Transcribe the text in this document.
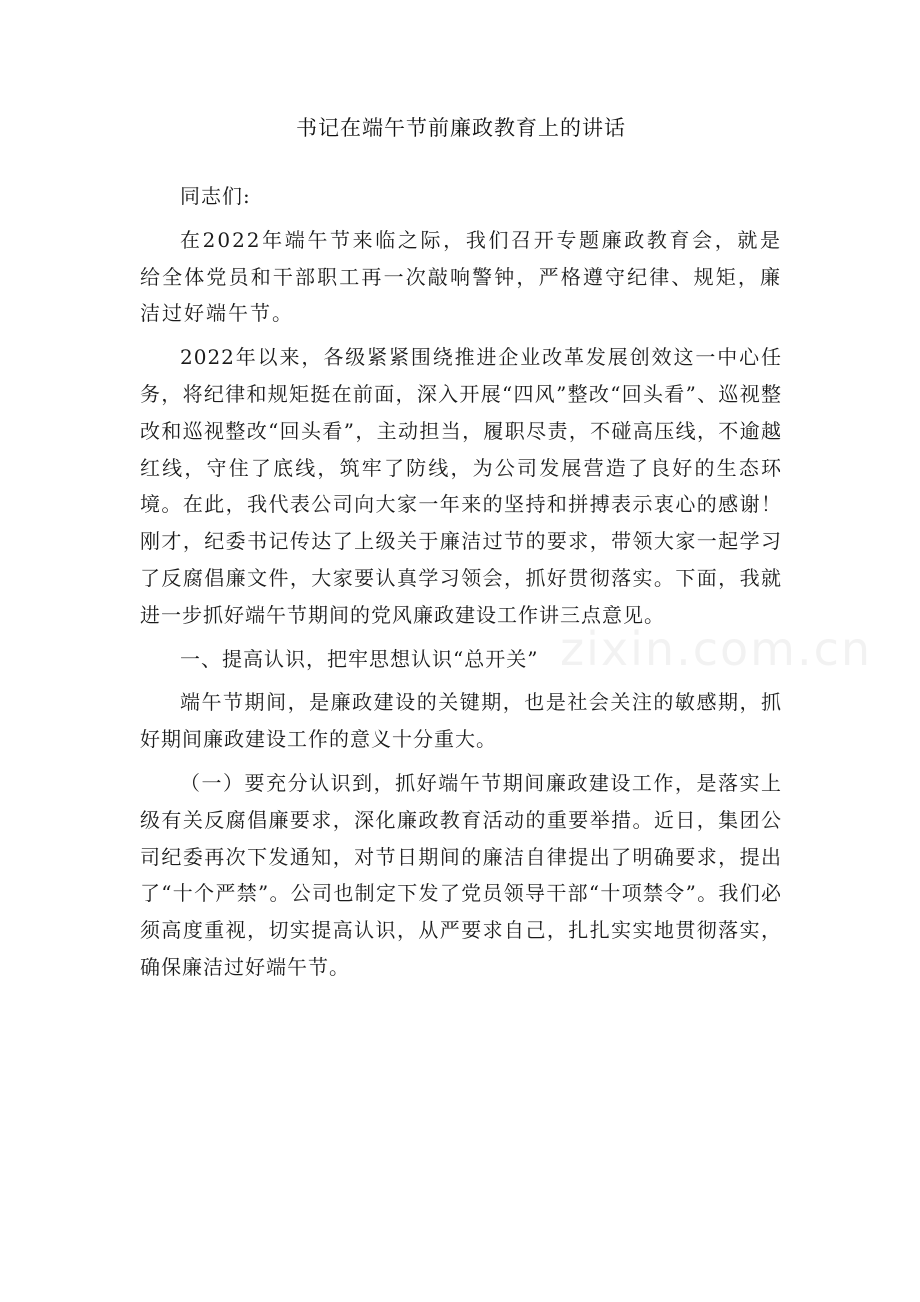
zixin.com.cn
书记在端午节前廉政教育上的讲话

同志们:

在2022年端午节来临之际，我们召开专题廉政教育会，就是给全体党员和干部职工再一次敲响警钟，严格遵守纪律、规矩，廉洁过好端午节。

2022年以来，各级紧紧围绕推进企业改革发展创效这一中心任务，将纪律和规矩挺在前面，深入开展“四风”整改“回头看”、巡视整改和巡视整改“回头看”，主动担当，履职尽责，不碰高压线，不逾越红线，守住了底线，筑牢了防线，为公司发展营造了良好的生态环境。在此，我代表公司向大家一年来的坚持和拼搏表示衷心的感谢！刚才，纪委书记传达了上级关于廉洁过节的要求，带领大家一起学习了反腐倡廉文件，大家要认真学习领会，抓好贯彻落实。下面，我就进一步抓好端午节期间的党风廉政建设工作讲三点意见。

一、提高认识，把牢思想认识“总开关”

端午节期间，是廉政建设的关键期，也是社会关注的敏感期，抓好期间廉政建设工作的意义十分重大。

（一）要充分认识到，抓好端午节期间廉政建设工作，是落实上级有关反腐倡廉要求，深化廉政教育活动的重要举措。近日，集团公司纪委再次下发通知，对节日期间的廉洁自律提出了明确要求，提出了“十个严禁”。公司也制定下发了党员领导干部“十项禁令”。我们必须高度重视，切实提高认识，从严要求自己，扎扎实实地贯彻落实，确保廉洁过好端午节。
